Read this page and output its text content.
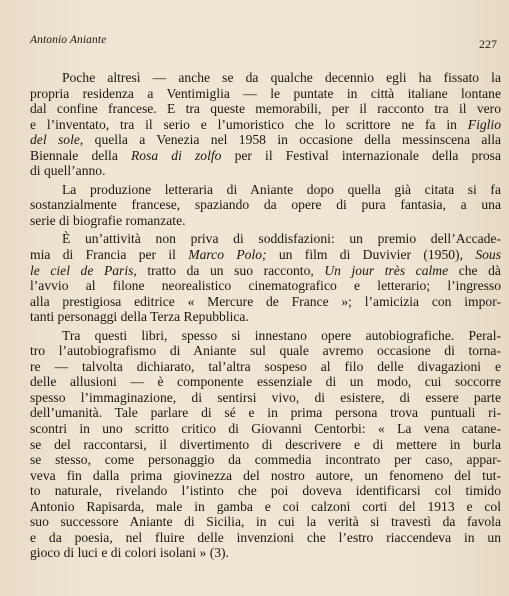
Antonio Aniante	227
Poche altresì — anche se da qualche decennio egli ha fissato la
propria residenza a Ventimiglia — le puntate in città italiane lontane
dal confine francese. E tra queste memorabili, per il racconto tra il vero
e l’inventato, tra il serio e l’umoristico che lo scrittore ne fa in Figlio
del sole, quella a Venezia nel 1958 in occasione della messinscena alla
Biennale della Rosa di zolfo per il Festival internazionale della prosa
di quell’anno.
La produzione letteraria di Aniante dopo quella già citata si fa
sostanzialmente francese, spaziando da opere di pura fantasia, a una
serie di biografie romanzate.
È un’attività non priva di soddisfazioni: un premio dell’Accade-
mia di Francia per il Marco Polo; un film di Duvivier (1950), Sous
le ciel de Paris, tratto da un suo racconto, Un jour très calme che dà
l’avvio al filone neorealistico cinematografico e letterario; l’ingresso
alla prestigiosa editrice « Mercure de France »; l’amicizia con impor-
tanti personaggi della Terza Repubblica.
Tra questi libri, spesso si innestano opere autobiografiche. Peral-
tro l’autobiografismo di Aniante sul quale avremo occasione di torna-
re — talvolta dichiarato, tal’altra sospeso al filo delle divagazioni e
delle allusioni — è componente essenziale di un modo, cui soccorre
spesso l’immaginazione, di sentirsi vivo, di esistere, di essere parte
dell’umanità. Tale parlare di sé e in prima persona trova puntuali ri-
scontri in uno scritto critico di Giovanni Centorbi: « La vena catane-
se del raccontarsi, il divertimento di descrivere e di mettere in burla
se stesso, come personaggio da commedia incontrato per caso, appar-
veva fin dalla prima giovinezza del nostro autore, un fenomeno del tut-
to naturale, rivelando l’istinto che poi doveva identificarsi col timido
Antonio Rapisarda, male in gamba e coi calzoni corti del 1913 e col
suo successore Aniante di Sicilia, in cui la verità si travestì da favola
e da poesia, nel fluire delle invenzioni che l’estro riaccendeva in un
gioco di luci e di colori isolani » (3).
